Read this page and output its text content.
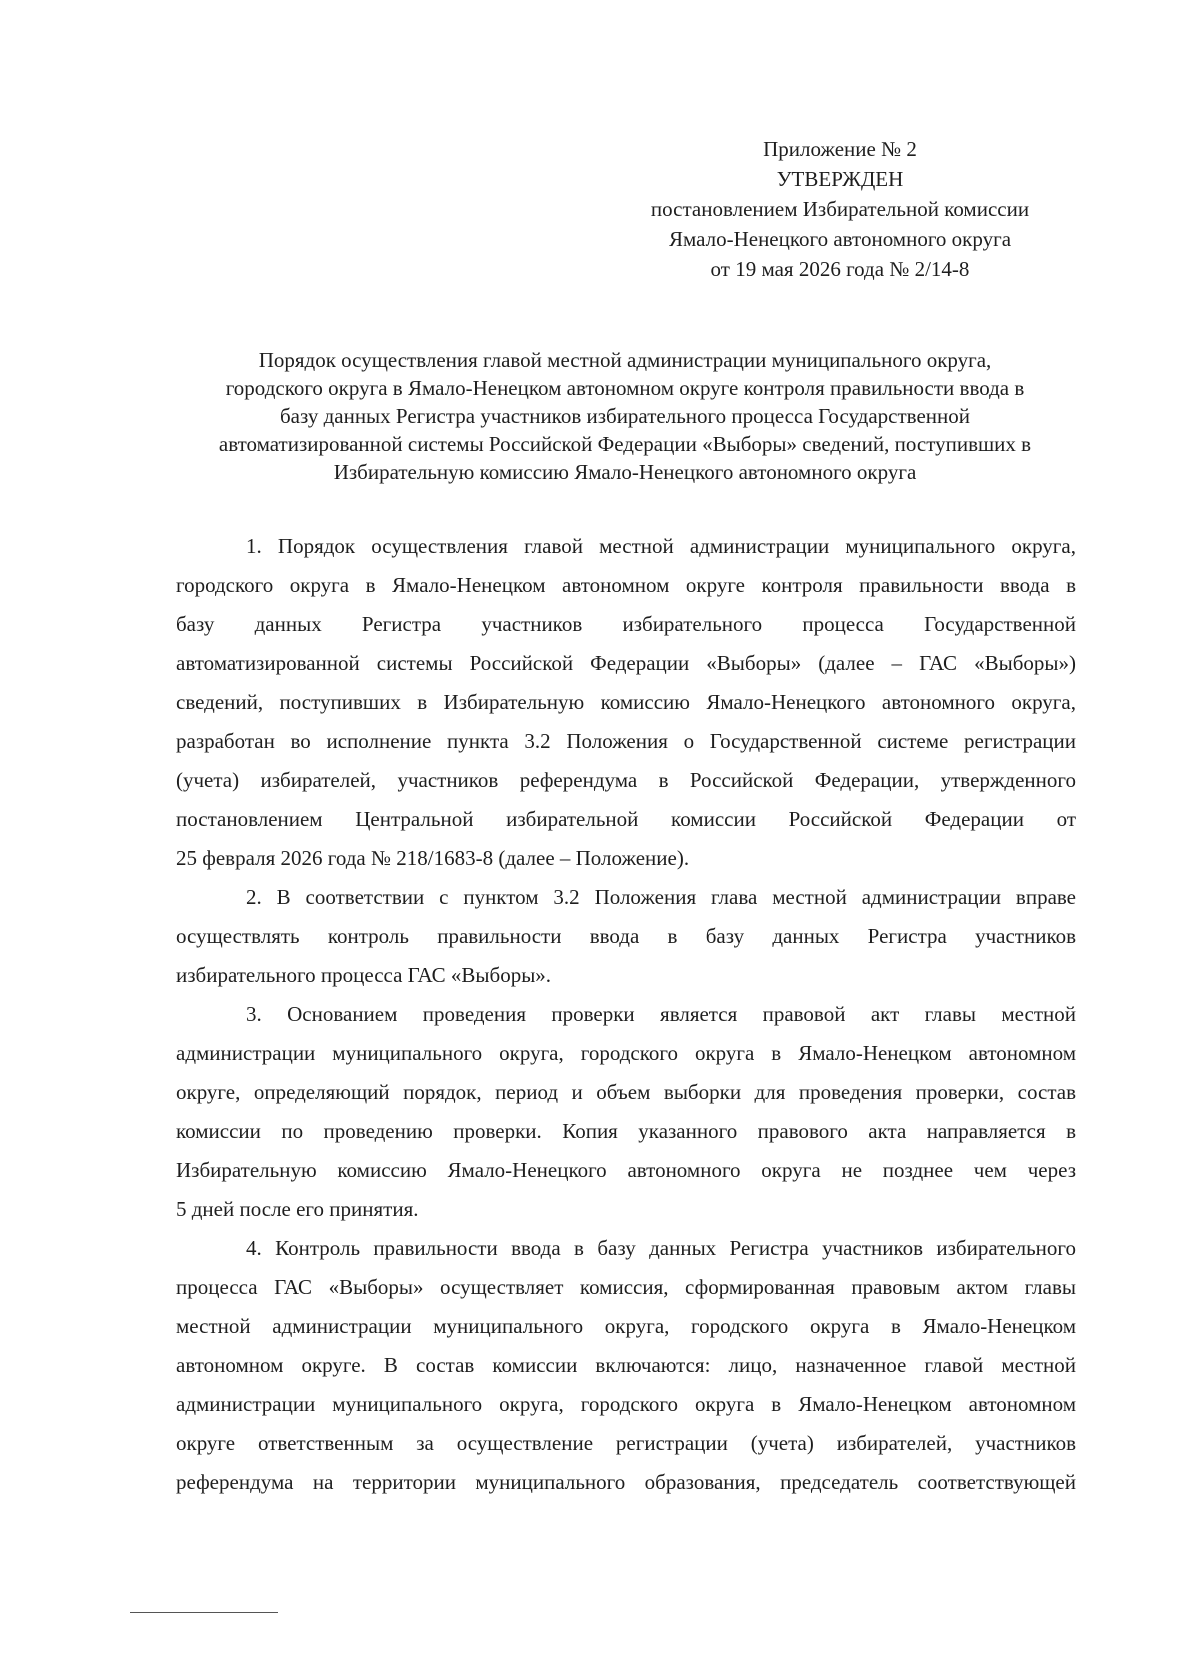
Приложение № 2
УТВЕРЖДЕН
постановлением Избирательной комиссии
Ямало-Ненецкого автономного округа
от 19 мая 2026 года № 2/14-8
Порядок осуществления главой местной администрации муниципального округа,
городского округа в Ямало-Ненецком автономном округе контроля правильности ввода в
базу данных Регистра участников избирательного процесса Государственной
автоматизированной системы Российской Федерации «Выборы» сведений, поступивших в
Избирательную комиссию Ямало-Ненецкого автономного округа

1. Порядок осуществления главой местной администрации муниципального округа,
городского округа в Ямало-Ненецком автономном округе контроля правильности ввода в
базу данных Регистра участников избирательного процесса Государственной
автоматизированной системы Российской Федерации «Выборы» (далее – ГАС «Выборы»)
сведений, поступивших в Избирательную комиссию Ямало-Ненецкого автономного округа,
разработан во исполнение пункта 3.2 Положения о Государственной системе регистрации
(учета) избирателей, участников референдума в Российской Федерации, утвержденного
постановлением Центральной избирательной комиссии Российской Федерации от
25 февраля 2026 года № 218/1683-8 (далее – Положение).

2. В соответствии с пунктом 3.2 Положения глава местной администрации вправе
осуществлять контроль правильности ввода в базу данных Регистра участников
избирательного процесса ГАС «Выборы».

3. Основанием проведения проверки является правовой акт главы местной
администрации муниципального округа, городского округа в Ямало-Ненецком автономном
округе, определяющий порядок, период и объем выборки для проведения проверки, состав
комиссии по проведению проверки. Копия указанного правового акта направляется в
Избирательную комиссию Ямало-Ненецкого автономного округа не позднее чем через
5 дней после его принятия.

4. Контроль правильности ввода в базу данных Регистра участников избирательного
процесса ГАС «Выборы» осуществляет комиссия, сформированная правовым актом главы
местной администрации муниципального округа, городского округа в Ямало-Ненецком
автономном округе. В состав комиссии включаются: лицо, назначенное главой местной
администрации муниципального округа, городского округа в Ямало-Ненецком автономном
округе ответственным за осуществление регистрации (учета) избирателей, участников
референдума на территории муниципального образования, председатель соответствующей
